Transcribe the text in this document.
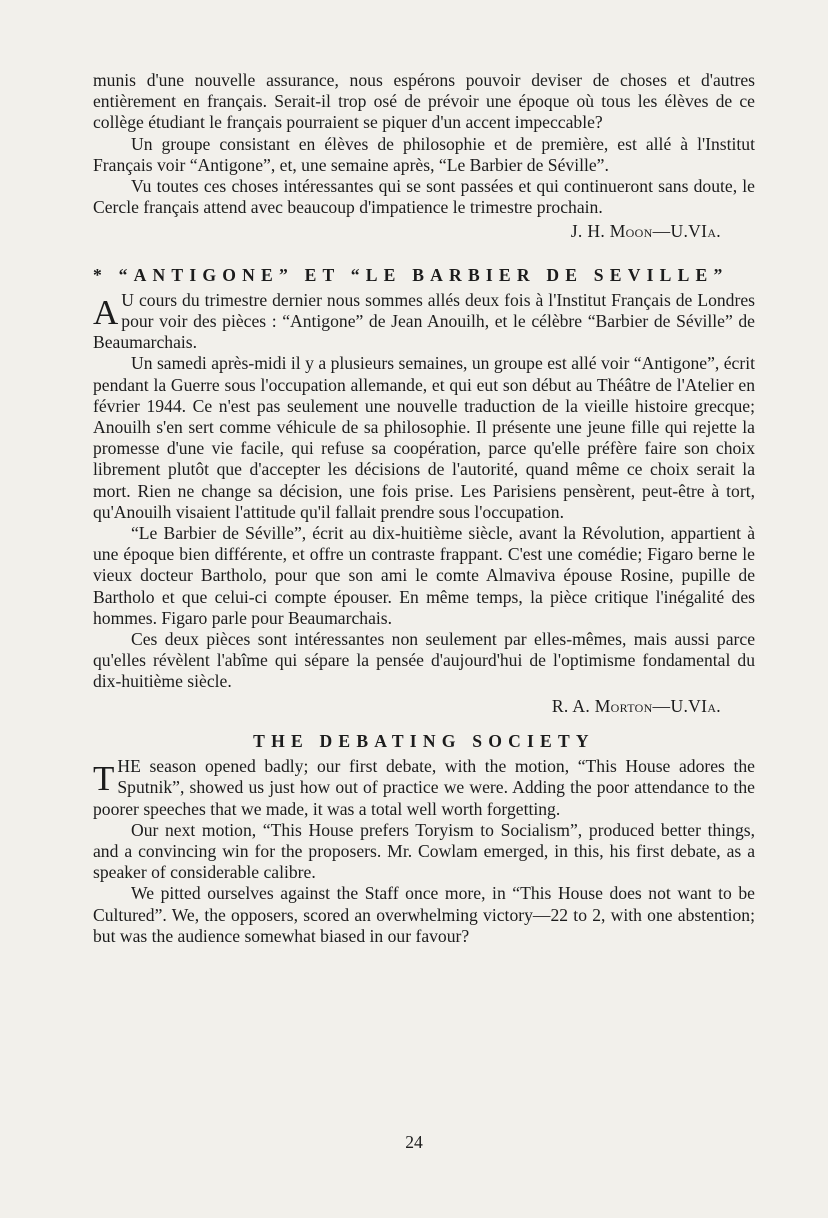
munis d'une nouvelle assurance, nous espérons pouvoir deviser de choses et d'autres entièrement en français. Serait-il trop osé de prévoir une époque où tous les élèves de ce collège étudiant le français pourraient se piquer d'un accent impeccable?

Un groupe consistant en élèves de philosophie et de première, est allé à l'Institut Français voir “Antigone”, et, une semaine après, “Le Barbier de Séville”.

Vu toutes ces choses intéressantes qui se sont passées et qui continueront sans doute, le Cercle français attend avec beaucoup d'impatience le trimestre prochain.

J. H. Moon—U.VIa.

* “ANTIGONE” ET “LE BARBIER DE SEVILLE”

A U cours du trimestre dernier nous sommes allés deux fois à l'Institut Français de Londres pour voir des pièces : “Antigone” de Jean Anouilh, et le célèbre “Barbier de Séville” de Beaumarchais.

Un samedi après-midi il y a plusieurs semaines, un groupe est allé voir “Antigone”, écrit pendant la Guerre sous l'occupation allemande, et qui eut son début au Théâtre de l'Atelier en février 1944. Ce n'est pas seulement une nouvelle traduction de la vieille histoire grecque; Anouilh s'en sert comme véhicule de sa philosophie. Il présente une jeune fille qui rejette la promesse d'une vie facile, qui refuse sa coopération, parce qu'elle préfère faire son choix librement plutôt que d'accepter les décisions de l'autorité, quand même ce choix serait la mort. Rien ne change sa décision, une fois prise. Les Parisiens pensèrent, peut-être à tort, qu'Anouilh visaient l'attitude qu'il fallait prendre sous l'occupation.

“Le Barbier de Séville”, écrit au dix-huitième siècle, avant la Révolution, appartient à une époque bien différente, et offre un contraste frappant. C'est une comédie; Figaro berne le vieux docteur Bartholo, pour que son ami le comte Almaviva épouse Rosine, pupille de Bartholo et que celui-ci compte épouser. En même temps, la pièce critique l'inégalité des hommes. Figaro parle pour Beaumarchais.

Ces deux pièces sont intéressantes non seulement par elles-mêmes, mais aussi parce qu'elles révèlent l'abîme qui sépare la pensée d'aujourd'hui de l'optimisme fondamental du dix-huitième siècle.

R. A. Morton—U.VIa.

THE DEBATING SOCIETY

THE season opened badly; our first debate, with the motion, “This House adores the Sputnik”, showed us just how out of practice we were. Adding the poor attendance to the poorer speeches that we made, it was a total well worth forgetting.

Our next motion, “This House prefers Toryism to Socialism”, produced better things, and a convincing win for the proposers. Mr. Cowlam emerged, in this, his first debate, as a speaker of considerable calibre.

We pitted ourselves against the Staff once more, in “This House does not want to be Cultured”. We, the opposers, scored an overwhelming victory—22 to 2, with one abstention; but was the audience somewhat biased in our favour?

24
